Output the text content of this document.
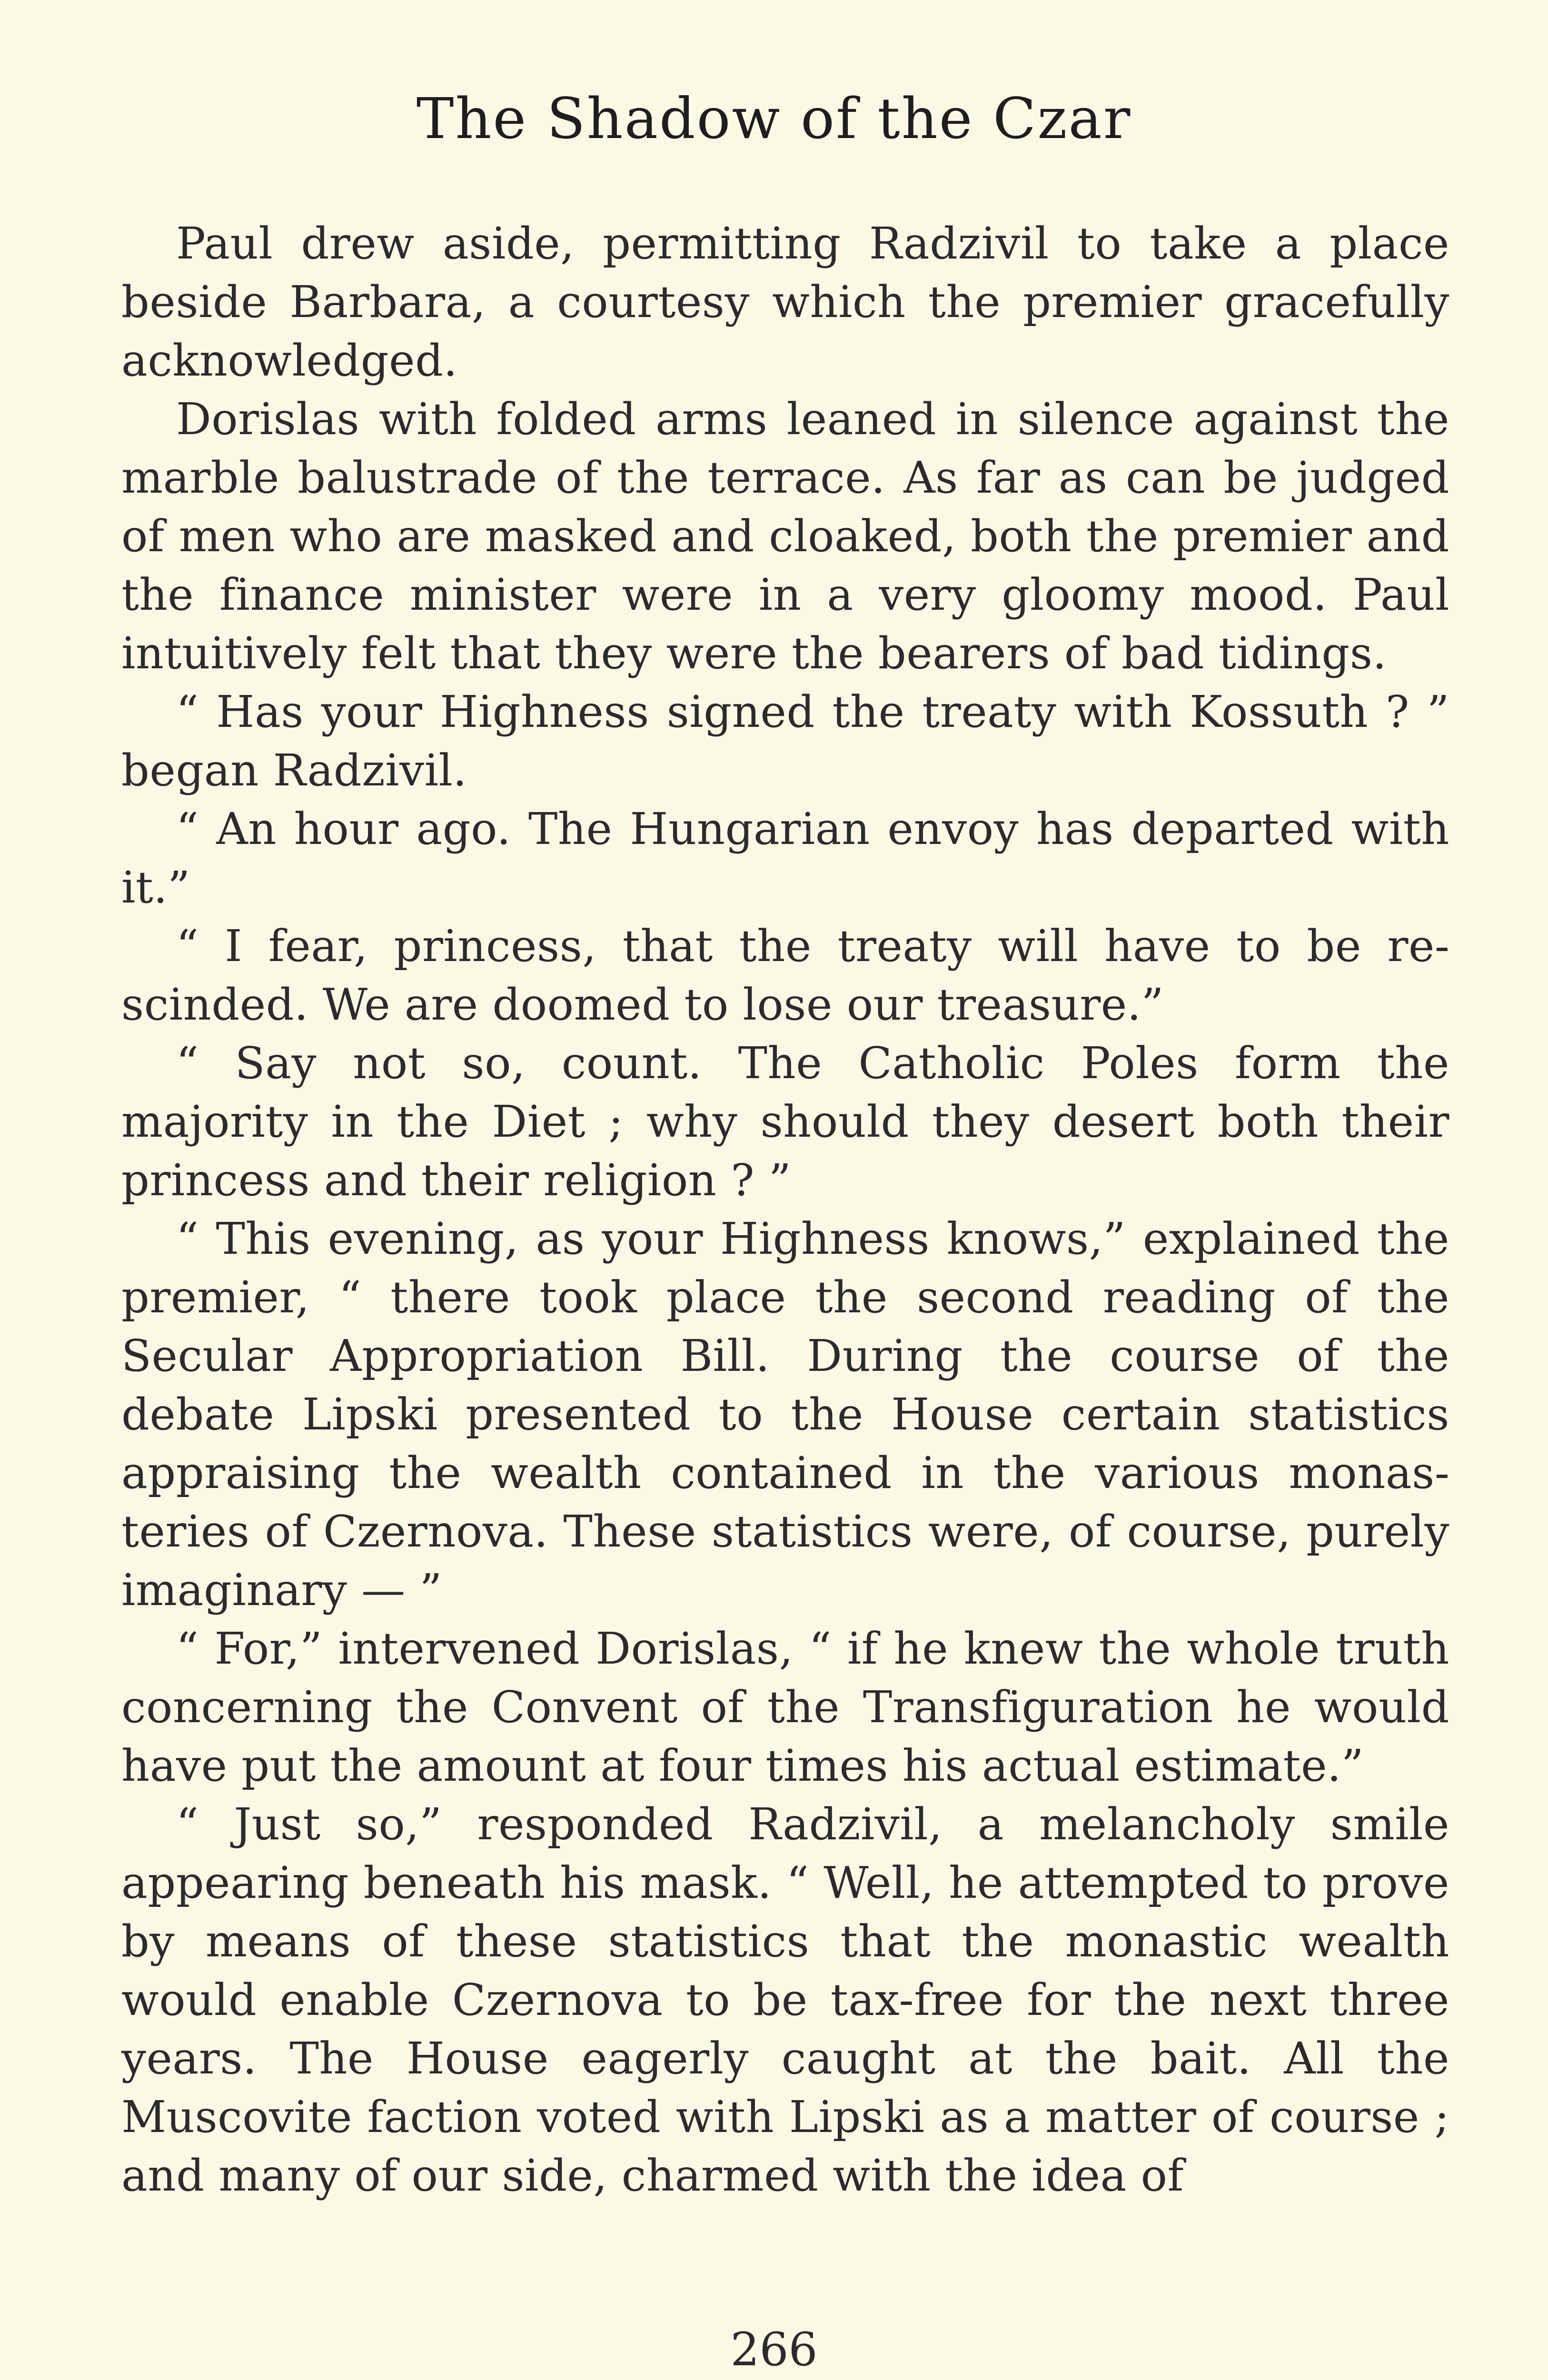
The Shadow of the Czar

Paul drew aside, permitting Radzivil to take a place beside Barbara, a courtesy which the premier gracefully acknowledged.

Dorislas with folded arms leaned in silence against the marble balustrade of the terrace. As far as can be judged of men who are masked and cloaked, both the premier and the finance minister were in a very gloomy mood. Paul intuitively felt that they were the bearers of bad tidings.

“ Has your Highness signed the treaty with Kossuth ? ” began Radzivil.

“ An hour ago. The Hungarian envoy has departed with it.”

“ I fear, princess, that the treaty will have to be rescinded. We are doomed to lose our treasure.”

“ Say not so, count. The Catholic Poles form the majority in the Diet ; why should they desert both their princess and their religion ? ”

“ This evening, as your Highness knows,” explained the premier, “ there took place the second reading of the Secular Appropriation Bill. During the course of the debate Lipski presented to the House certain statistics appraising the wealth contained in the various monasteries of Czernova. These statistics were, of course, purely imaginary — ”

“ For,” intervened Dorislas, “ if he knew the whole truth concerning the Convent of the Transfiguration he would have put the amount at four times his actual estimate.”

“ Just so,” responded Radzivil, a melancholy smile appearing beneath his mask. “ Well, he attempted to prove by means of these statistics that the monastic wealth would enable Czernova to be tax-free for the next three years. The House eagerly caught at the bait. All the Muscovite faction voted with Lipski as a matter of course ; and many of our side, charmed with the idea of

266
